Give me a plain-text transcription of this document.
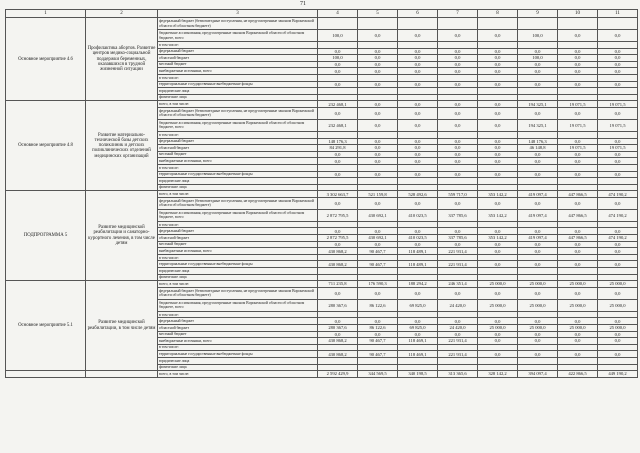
71
1	2	3	4	5	6	7	8	9	10	11
Основное мероприятие 4.6	Профилактика абортов. Развитие центров медико-социальной поддержки беременных, оказавшихся в трудной жизненной ситуации	федеральный бюджет (безвозмездные поступления, не предусмотренные законом Воронежской области об областном бюджете)								
		бюджетные ассигнования, предусмотренные законом Воронежской области об областном бюджете, всего	100,0	0,0	0,0	0,0	0,0	100,0	0,0	0,0
		в том числе:								
		федеральный бюджет	0,0	0,0	0,0	0,0	0,0	0,0	0,0	0,0
		областной бюджет	100,0	0,0	0,0	0,0	0,0	100,0	0,0	0,0
		местный бюджет	0,0	0,0	0,0	0,0	0,0	0,0	0,0	0,0
		внебюджетные источники, всего	0,0	0,0	0,0	0,0	0,0	0,0	0,0	0,0
		в том числе:								
		территориальные государственные внебюджетные фонды	0,0	0,0	0,0	0,0	0,0	0,0	0,0	0,0
		юридические лица								
		физические лица								
Основное мероприятие 4.8	Развитие материально-технической базы детских поликлиник и детских поликлинических отделений медицинских организаций	всего, в том числе:	232 468,1	0,0	0,0	0,0	0,0	194 325,1	19 071,5	19 071,5
		федеральный бюджет (безвозмездные поступления, не предусмотренные законом Воронежской области об областном бюджете)	0,0	0,0	0,0	0,0	0,0	0,0	0,0	0,0
		бюджетные ассигнования, предусмотренные законом Воронежской области об областном бюджете, всего	232 468,1	0,0	0,0	0,0	0,0	194 325,1	19 071,5	19 071,5
		в том числе:								
		федеральный бюджет	148 176,3	0,0	0,0	0,0	0,0	148 176,3	0,0	0,0
		областной бюджет	84 291,8	0,0	0,0	0,0	0,0	46 148,8	19 071,5	19 071,5
		местный бюджет	0,0	0,0	0,0	0,0	0,0	0,0	0,0	0,0
		внебюджетные источники, всего	0,0	0,0	0,0	0,0	0,0	0,0	0,0	0,0
		в том числе:								
		территориальные государственные внебюджетные фонды	0,0	0,0	0,0	0,0	0,0	0,0	0,0	0,0
		юридические лица								
		физические лица								
ПОДПРОГРАММА 5	Развитие медицинской реабилитации и санаторно-курортного лечения, в том числе детям	всего, в том числе:	3 302 663,7	521 159,8	528 492,6	559 717,0	353 142,2	419 097,4	447 866,5	474 190,2
		федеральный бюджет (безвозмездные поступления, не предусмотренные законом Воронежской области об областном бюджете)	0,0	0,0	0,0	0,0	0,0	0,0	0,0	0,0
		бюджетные ассигнования, предусмотренные законом Воронежской области об областном бюджете, всего	2 872 795,5	430 692,1	410 023,5	337 785,6	353 142,2	419 097,4	447 866,5	474 190,2
		в том числе:								
		федеральный бюджет	0,0	0,0	0,0	0,0	0,0	0,0	0,0	0,0
		областной бюджет	2 872 795,5	430 692,1	410 023,5	337 785,6	353 142,2	419 097,4	447 866,5	474 190,2
		местный бюджет	0,0	0,0	0,0	0,0	0,0	0,0	0,0	0,0
		внебюджетные источники, всего	430 868,2	90 467,7	118 489,1	221 931,4	0,0	0,0	0,0	0,0
		в том числе:								
		территориальные государственные внебюджетные фонды	430 868,2	90 467,7	118 489,1	221 931,4	0,0	0,0	0,0	0,0
		юридические лица								
		физические лица								
Основное мероприятие 5.1	Развитие медицинской реабилитации, в том числе детям	всего, в том числе:	711 235,8	176 590,3	188 294,2	246 351,4	25 000,0	25 000,0	25 000,0	25 000,0
		федеральный бюджет (безвозмездные поступления, не предусмотренные законом Воронежской области об областном бюджете)	0,0	0,0	0,0	0,0	0,0	0,0	0,0	0,0
		бюджетные ассигнования, предусмотренные законом Воронежской области об областном бюджете, всего	280 367,6	86 122,6	69 825,0	24 420,0	25 000,0	25 000,0	25 000,0	25 000,0
		в том числе:								
		федеральный бюджет	0,0	0,0	0,0	0,0	0,0	0,0	0,0	0,0
		областной бюджет	280 367,6	86 122,6	69 825,0	24 420,0	25 000,0	25 000,0	25 000,0	25 000,0
		местный бюджет	0,0	0,0	0,0	0,0	0,0	0,0	0,0	0,0
		внебюджетные источники, всего	430 868,2	90 467,7	118 469,1	221 931,4	0,0	0,0	0,0	0,0
		в том числе:								
		территориальные государственные внебюджетные фонды	430 868,2	90 467,7	118 469,1	221 931,4	0,0	0,0	0,0	0,0
		юридические лица								
		физические лица								
		всего, в том числе:	2 592 429,9	344 569,5	340 198,5	313 365,6	328 142,2	394 097,4	422 866,5	449 190,2
